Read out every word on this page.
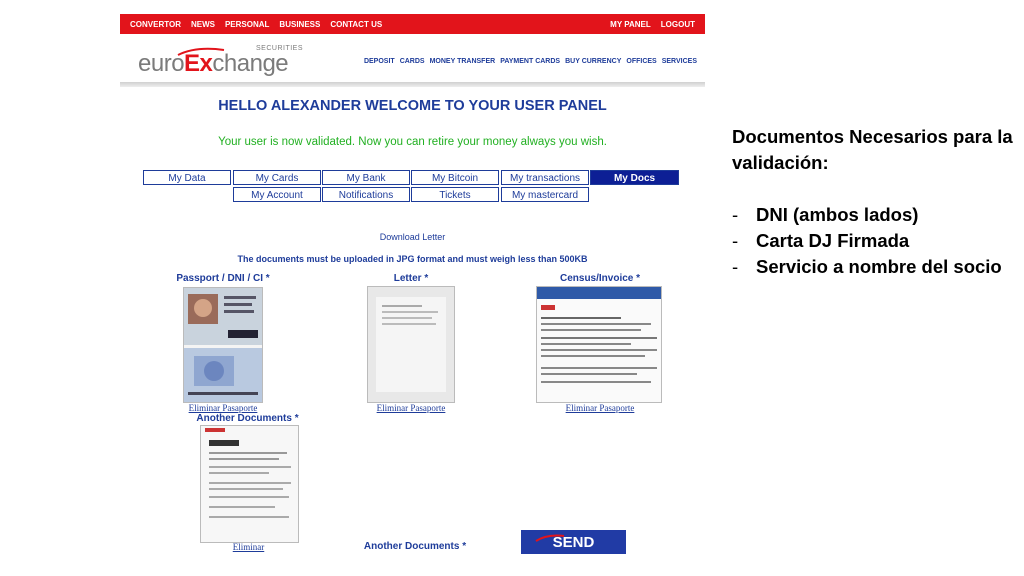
CONVERTOR NEWS PERSONAL BUSINESS CONTACT US	MY PANEL LOGOUT
SECURITIES
euroExchange	DEPOSIT CARDS MONEY TRANSFER PAYMENT CARDS BUY CURRENCY OFFICES SERVICES
HELLO ALEXANDER WELCOME TO YOUR USER PANEL
Your user is now validated. Now you can retire your money always you wish.
My Data	My Cards	My Bank	My Bitcoin	My transactions	My Docs
My Account	Notifications	Tickets	My mastercard
Download Letter
The documents must be uploaded in JPG format and must weigh less than 500KB
Passport / DNI / CI *
Eliminar Pasaporte
Letter *
Eliminar Pasaporte
Census/Invoice *
Eliminar Pasaporte
Another Documents *
Eliminar	Another Documents *	SEND
Documentos Necesarios para la validación:
- DNI (ambos lados)
- Carta DJ Firmada
- Servicio a nombre del socio
